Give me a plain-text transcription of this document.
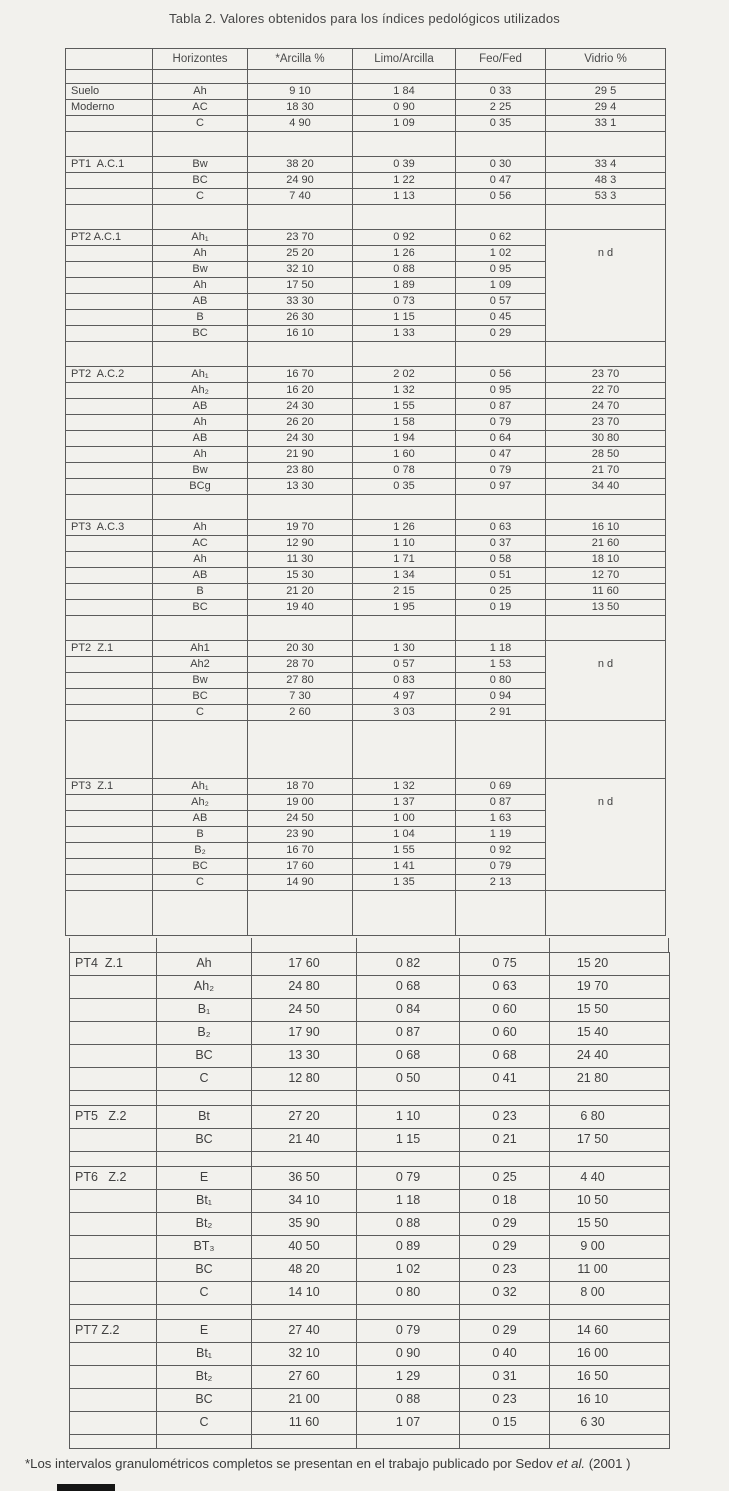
Tabla 2. Valores obtenidos para los índices pedológicos utilizados
	Horizontes	*Arcilla %	Limo/Arcilla	Feo/Fed	Vidrio %

Suelo	Ah	9 10	1 84	0 33	29 5
Moderno	AC	18 30	0 90	2 25	29 4
	C	4 90	1 09	0 35	33 1

PT1  A.C.1	Bw	38 20	0 39	0 30	33 4
	BC	24 90	1 22	0 47	48 3
	C	7 40	1 13	0 56	53 3

PT2 A.C.1	Ah₁	23 70	0 92	0 62	n d
	Ah	25 20	1 26	1 02	
	Bw	32 10	0 88	0 95	
	Ah	17 50	1 89	1 09	
	AB	33 30	0 73	0 57	
	B	26 30	1 15	0 45	
	BC	16 10	1 33	0 29	

PT2  A.C.2	Ah₁	16 70	2 02	0 56	23 70
	Ah₂	16 20	1 32	0 95	22 70
	AB	24 30	1 55	0 87	24 70
	Ah	26 20	1 58	0 79	23 70
	AB	24 30	1 94	0 64	30 80
	Ah	21 90	1 60	0 47	28 50
	Bw	23 80	0 78	0 79	21 70
	BCg	13 30	0 35	0 97	34 40

PT3  A.C.3	Ah	19 70	1 26	0 63	16 10
	AC	12 90	1 10	0 37	21 60
	Ah	11 30	1 71	0 58	18 10
	AB	15 30	1 34	0 51	12 70
	B	21 20	2 15	0 25	11 60
	BC	19 40	1 95	0 19	13 50

PT2  Z.1	Ah1	20 30	1 30	1 18	n d
	Ah2	28 70	0 57	1 53	
	Bw	27 80	0 83	0 80	
	BC	7 30	4 97	0 94	
	C	2 60	3 03	2 91	

PT3  Z.1	Ah₁	18 70	1 32	0 69	n d
	Ah₂	19 00	1 37	0 87	
	AB	24 50	1 00	1 63	
	B	23 90	1 04	1 19	
	B₂	16 70	1 55	0 92	
	BC	17 60	1 41	0 79	
	C	14 90	1 35	2 13	

PT4  Z.1	Ah	17 60	0 82	0 75	15 20
	Ah₂	24 80	0 68	0 63	19 70
	B₁	24 50	0 84	0 60	15 50
	B₂	17 90	0 87	0 60	15 40
	BC	13 30	0 68	0 68	24 40
	C	12 80	0 50	0 41	21 80

PT5   Z.2	Bt	27 20	1 10	0 23	6 80
	BC	21 40	1 15	0 21	17 50

PT6   Z.2	E	36 50	0 79	0 25	4 40
	Bt₁	34 10	1 18	0 18	10 50
	Bt₂	35 90	0 88	0 29	15 50
	BT₃	40 50	0 89	0 29	9 00
	BC	48 20	1 02	0 23	11 00
	C	14 10	0 80	0 32	8 00

PT7 Z.2	E	27 40	0 79	0 29	14 60
	Bt₁	32 10	0 90	0 40	16 00
	Bt₂	27 60	1 29	0 31	16 50
	BC	21 00	0 88	0 23	16 10
	C	11 60	1 07	0 15	6 30

*Los intervalos granulométricos completos se presentan en el trabajo publicado por Sedov et al. (2001 )
